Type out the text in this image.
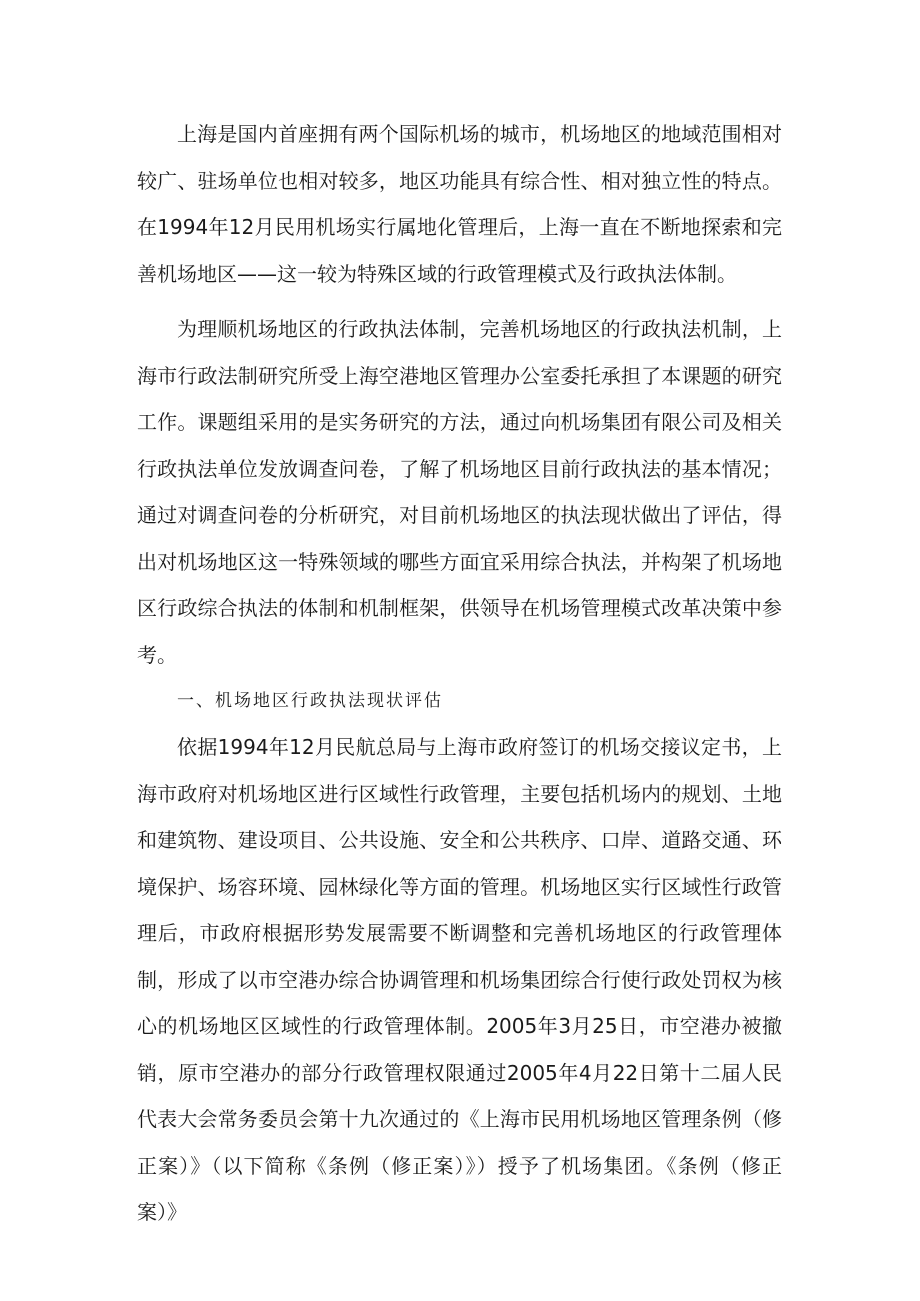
上海是国内首座拥有两个国际机场的城市，机场地区的地域范围相对较广、驻场单位也相对较多，地区功能具有综合性、相对独立性的特点。在1994年12月民用机场实行属地化管理后，上海一直在不断地探索和完善机场地区——这一较为特殊区域的行政管理模式及行政执法体制。

为理顺机场地区的行政执法体制，完善机场地区的行政执法机制，上海市行政法制研究所受上海空港地区管理办公室委托承担了本课题的研究工作。课题组采用的是实务研究的方法，通过向机场集团有限公司及相关行政执法单位发放调查问卷，了解了机场地区目前行政执法的基本情况；通过对调查问卷的分析研究，对目前机场地区的执法现状做出了评估，得出对机场地区这一特殊领域的哪些方面宜采用综合执法，并构架了机场地区行政综合执法的体制和机制框架，供领导在机场管理模式改革决策中参考。

一、机场地区行政执法现状评估

依据1994年12月民航总局与上海市政府签订的机场交接议定书，上海市政府对机场地区进行区域性行政管理，主要包括机场内的规划、土地和建筑物、建设项目、公共设施、安全和公共秩序、口岸、道路交通、环境保护、场容环境、园林绿化等方面的管理。机场地区实行区域性行政管理后，市政府根据形势发展需要不断调整和完善机场地区的行政管理体制，形成了以市空港办综合协调管理和机场集团综合行使行政处罚权为核心的机场地区区域性的行政管理体制。2005年3月25日，市空港办被撤销，原市空港办的部分行政管理权限通过2005年4月22日第十二届人民代表大会常务委员会第十九次通过的《上海市民用机场地区管理条例（修正案）》（以下简称《条例（修正案）》）授予了机场集团。《条例（修正案）》
